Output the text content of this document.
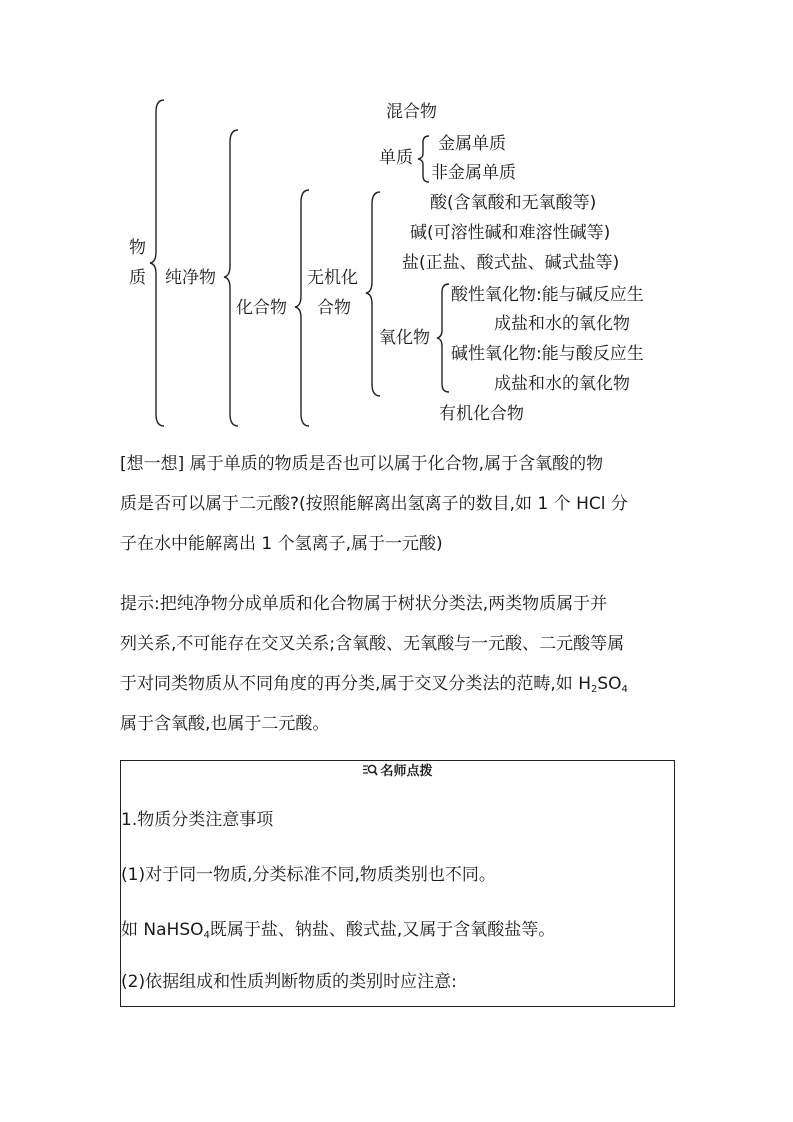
物
质
混合物
纯净物
单质
金属单质
非金属单质
化合物
无机化
合物
酸(含氧酸和无氧酸等)
碱(可溶性碱和难溶性碱等)
盐(正盐、酸式盐、碱式盐等)
氧化物
酸性氧化物:能与碱反应生
成盐和水的氧化物
碱性氧化物:能与酸反应生
成盐和水的氧化物
有机化合物
[想一想] 属于单质的物质是否也可以属于化合物,属于含氧酸的物
质是否可以属于二元酸?(按照能解离出氢离子的数目,如 1 个 HCl 分
子在水中能解离出 1 个氢离子,属于一元酸)
提示:把纯净物分成单质和化合物属于树状分类法,两类物质属于并
列关系,不可能存在交叉关系;含氧酸、无氧酸与一元酸、二元酸等属
于对同类物质从不同角度的再分类,属于交叉分类法的范畴,如 $H_2SO_4$
属于含氧酸,也属于二元酸。
名师点拨
1.物质分类注意事项
(1)对于同一物质,分类标准不同,物质类别也不同。
如 NaHSO$_4$既属于盐、钠盐、酸式盐,又属于含氧酸盐等。
(2)依据组成和性质判断物质的类别时应注意:
